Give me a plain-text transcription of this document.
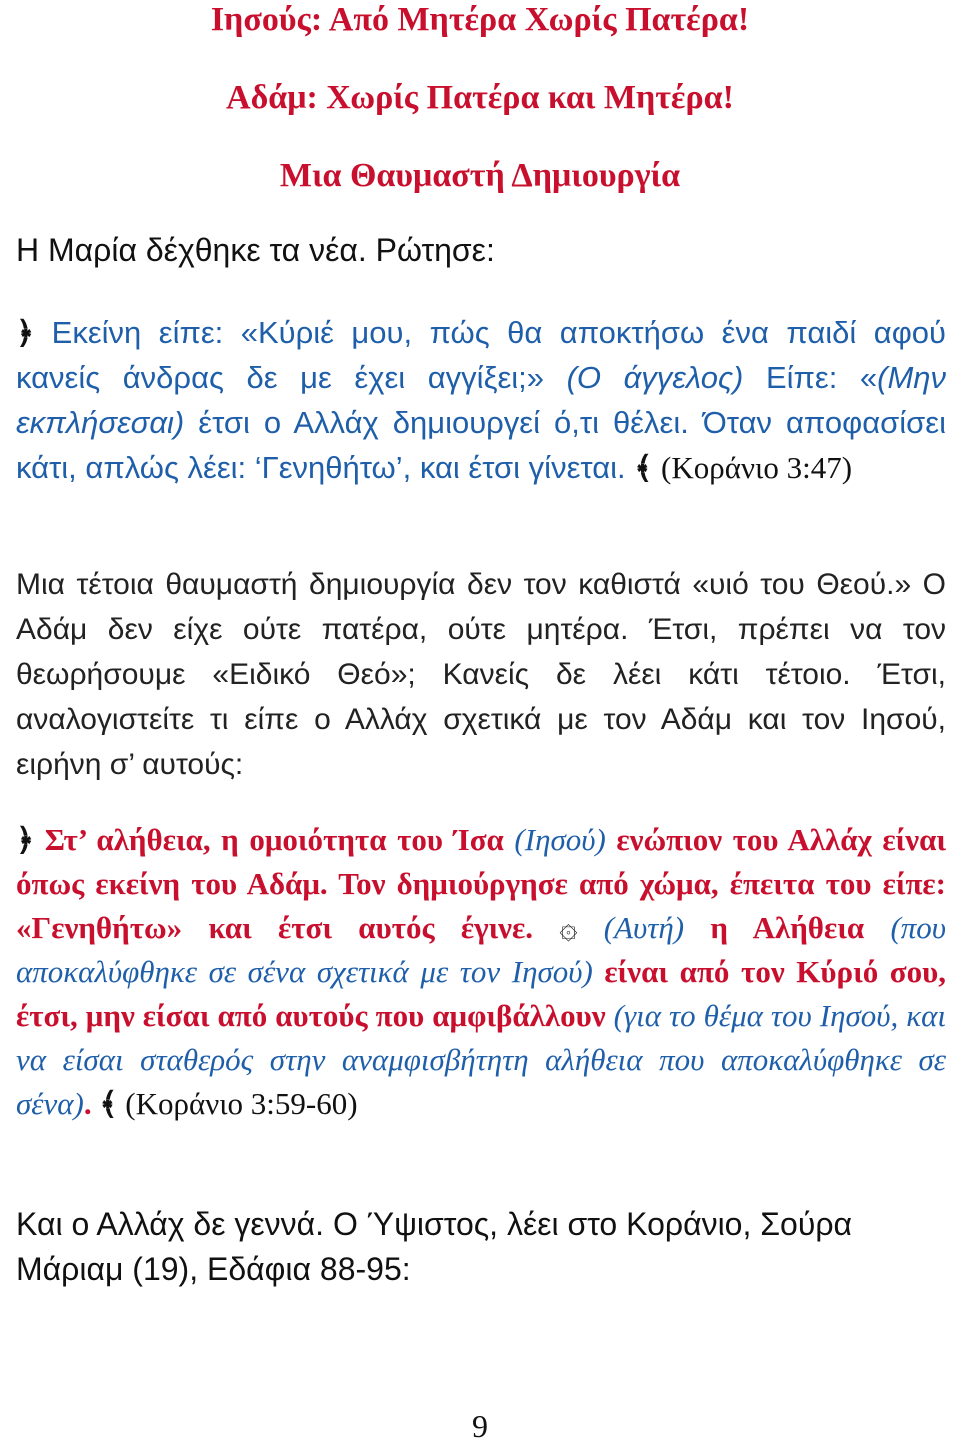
Ιησούς: Από Μητέρα Χωρίς Πατέρα!
Αδάμ: Χωρίς Πατέρα και Μητέρα!
Μια Θαυμαστή Δημιουργία
Η Μαρία δέχθηκε τα νέα. Ρώτησε:
﴿ Εκείνη είπε: «Κύριέ μου, πώς θα αποκτήσω ένα παιδί αφού κανείς άνδρας δε με έχει αγγίξει;» (Ο άγγελος) Είπε: «(Μην εκπλήσεσαι) έτσι ο Αλλάχ δημιουργεί ό,τι θέλει. Όταν αποφασίσει κάτι, απλώς λέει: ‘Γενηθήτω’, και έτσι γίνεται. ﴾ (Κοράνιο 3:47)
Μια τέτοια θαυμαστή δημιουργία δεν τον καθιστά «υιό του Θεού.» Ο Αδάμ δεν είχε ούτε πατέρα, ούτε μητέρα. Έτσι, πρέπει να τον θεωρήσουμε «Ειδικό Θεό»; Κανείς δε λέει κάτι τέτοιο. Έτσι, αναλογιστείτε τι είπε ο Αλλάχ σχετικά με τον Αδάμ και τον Ιησού, ειρήνη σ’ αυτούς:
﴿ Στ’ αλήθεια, η ομοιότητα του Ίσα (Ιησού) ενώπιον του Αλλάχ είναι όπως εκείνη του Αδάμ. Τον δημιούργησε από χώμα, έπειτα του είπε: «Γενηθήτω» και έτσι αυτός έγινε. ۞ (Αυτή) η Αλήθεια (που αποκαλύφθηκε σε σένα σχετικά με τον Ιησού) είναι από τον Κύριό σου, έτσι, μην είσαι από αυτούς που αμφιβάλλουν (για το θέμα του Ιησού, και να είσαι σταθερός στην αναμφισβήτητη αλήθεια που αποκαλύφθηκε σε σένα). ﴾ (Κοράνιο 3:59-60)
Και ο Αλλάχ δε γεννά. Ο Ύψιστος, λέει στο Κοράνιο, Σούρα Μάριαμ (19), Εδάφια 88-95:
9
